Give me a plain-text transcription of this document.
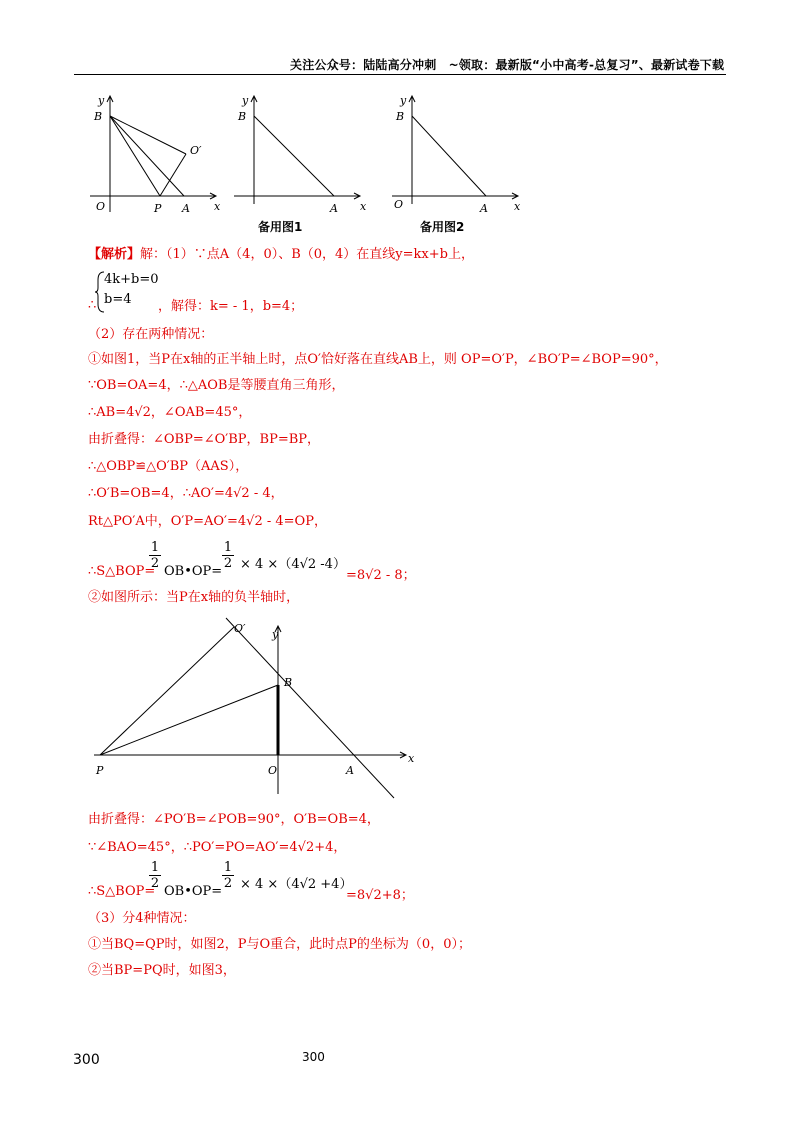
关注公众号：陆陆高分冲刺　~领取：最新版“小中高考-总复习”、最新试卷下载
y
B
O′
O	P A x
y
B
A x
备用图1
y
B
O	A x
备用图2
【解析】解：（1）∵点A（4，0）、B（0，4）在直线y=kx+b上，
4k+b=0
b=4
∴	，解得：k= - 1，b=4；
（2）存在两种情况：
①如图1，当P在x轴的正半轴上时，点O′恰好落在直线AB上，则 OP=O′P，∠BO′P=∠BOP=90°，
∵OB=OA=4，∴△AOB是等腰直角三角形，
∴AB=4√2，∠OAB=45°，
由折叠得：∠OBP=∠O′BP，BP=BP，
∴△OBP≌△O′BP（AAS），
∴O′B=OB=4，∴AO′=4√2 - 4，
Rt△PO′A中，O′P=AO′=4√2 - 4=OP，
∴S△BOP=
1
2
OB•OP=
1
2 × 4 ×（4√2 -4）
=8√2 - 8；
②如图所示：当P在x轴的负半轴时，
O′ y
B
P	O	A
x
由折叠得：∠PO′B=∠POB=90°，O′B=OB=4，
∵∠BAO=45°，∴PO′=PO=AO′=4√2+4，
∴S△BOP=
1
2
OB•OP=
1
2 × 4 ×（4√2 +4）
=8√2+8；
（3）分4种情况：
①当BQ=QP时，如图2，P与O重合，此时点P的坐标为（0，0）；
②当BP=PQ时，如图3，
300	300
